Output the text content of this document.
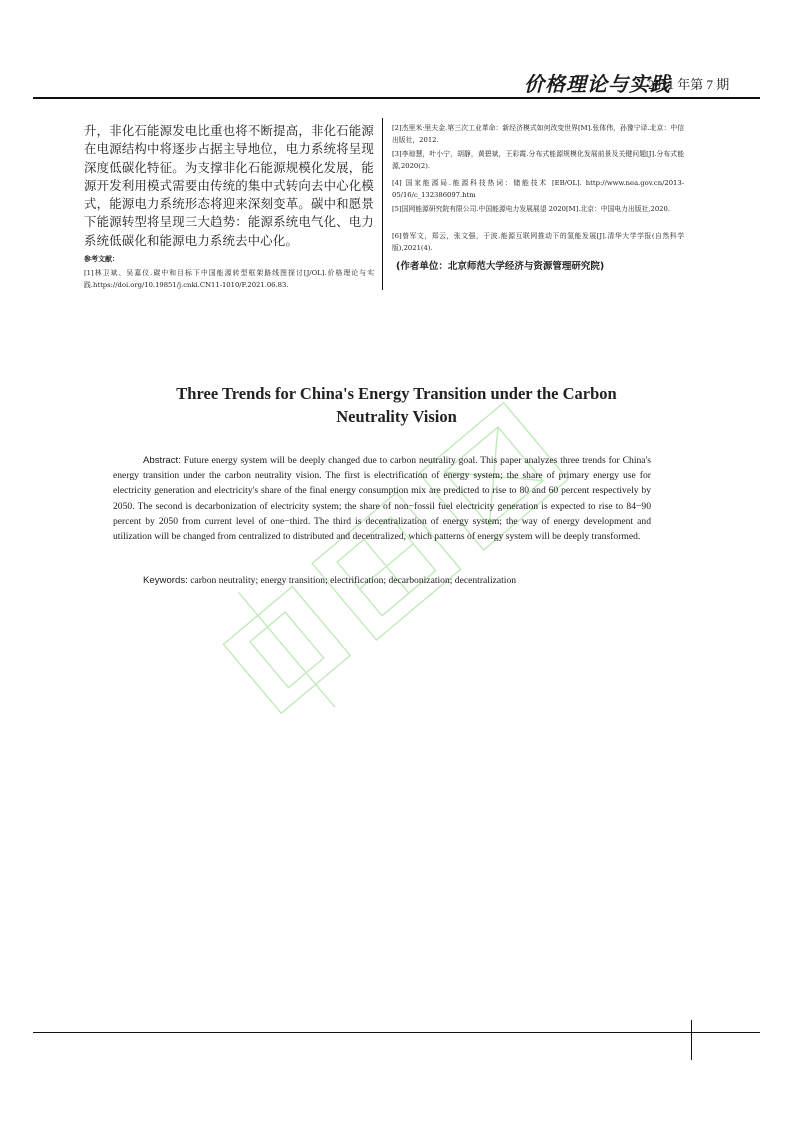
价格理论与实践
2021 年第 7 期
升，非化石能源发电比重也将不断提高，非化石能源在电源结构中将逐步占据主导地位，电力系统将呈现深度低碳化特征。为支撑非化石能源规模化发展，能源开发利用模式需要由传统的集中式转向去中心化模式，能源电力系统形态将迎来深刻变革。碳中和愿景下能源转型将呈现三大趋势：能源系统电气化、电力系统低碳化和能源电力系统去中心化。
参考文献：
[1]林卫斌、吴嘉仪.碳中和目标下中国能源转型框架路线图探讨[J/OL].价格理论与实践.https://doi.org/10.19851/j.cnki.CN11-1010/F.2021.06.83.
[2]杰里米·里夫金.第三次工业革命：新经济模式如何改变世界[M].张体伟，孙豫宁译.北京：中信出版社，2012.
[3]李琼慧，叶小宁，胡静，黄碧斌，王彩霞.分布式能源规模化发展前景及关键问题[J].分布式能源,2020(2).
[4] 国家能源局.能源科技热词：储能技术 [EB/OL]. http://www.nea.gov.cn/2013-05/16/c_132386097.htm
[5]国网能源研究院有限公司.中国能源电力发展展望 2020[M].北京：中国电力出版社,2020.
[6]曾军文，郑云，张文强，于波.能源互联网推动下的氢能发展[J].清华大学学报(自然科学版),2021(4).
(作者单位：北京师范大学经济与资源管理研究院)
Three Trends for China's Energy Transition under the Carbon
Neutrality Vision
Abstract: Future energy system will be deeply changed due to carbon neutrality goal. This paper analyzes three trends for China's energy transition under the carbon neutrality vision. The first is electrification of energy system; the share of primary energy use for electricity generation and electricity's share of the final energy consumption mix are predicted to rise to 80 and 60 percent respectively by 2050. The second is decarbonization of electricity system; the share of non−fossil fuel electricity generation is expected to rise to 84−90 percent by 2050 from current level of one−third. The third is decentralization of energy system; the way of energy development and utilization will be changed from centralized to distributed and decentralized, which patterns of energy system will be deeply transformed.
Keywords: carbon neutrality; energy transition; electrification; decarbonization; decentralization
